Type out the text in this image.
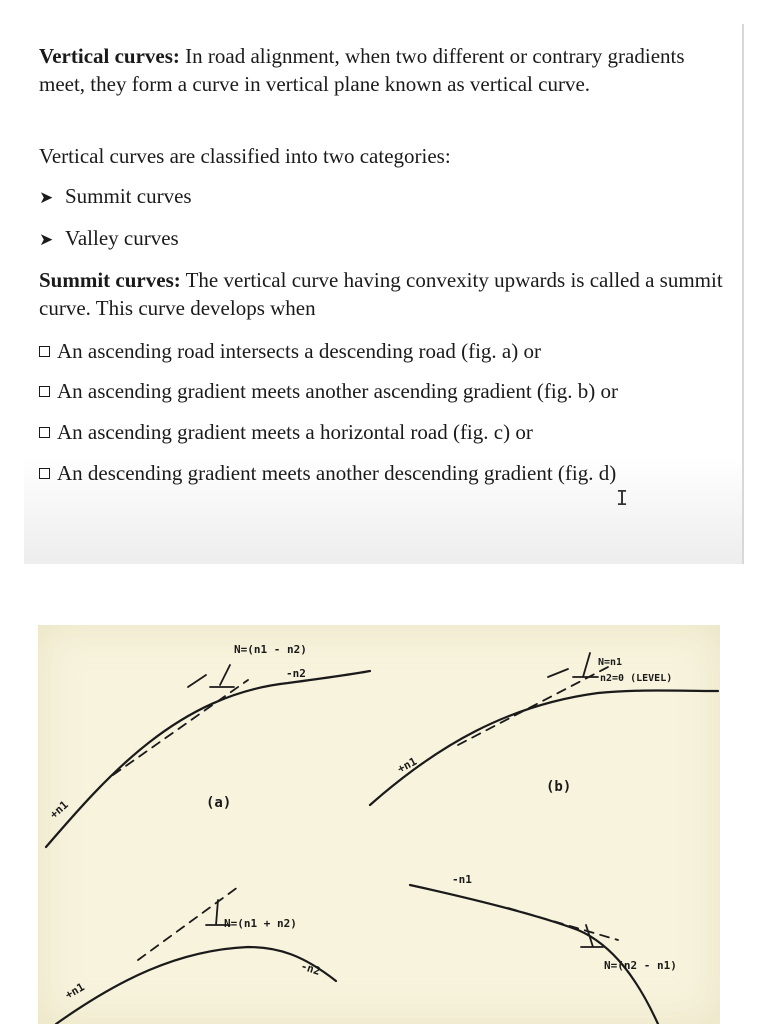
Vertical curves: In road alignment, when two different or contrary gradients meet, they form a curve in vertical plane known as vertical curve.

Vertical curves are classified into two categories:
➤ Summit curves
➤ Valley curves

Summit curves: The vertical curve having convexity upwards is called a summit curve. This curve develops when

An ascending road intersects a descending road (fig. a) or
An ascending gradient meets another ascending gradient (fig. b) or
An ascending gradient meets a horizontal road (fig. c) or
An descending gradient meets another descending gradient (fig. d)
I
(a)
+n1
N=(n1 - n2)
-n2
(b)
+n1
N=n1
n2=0 (LEVEL)
+n1
N=(n1 + n2)
-n2
-n1
N=(n2 - n1)
